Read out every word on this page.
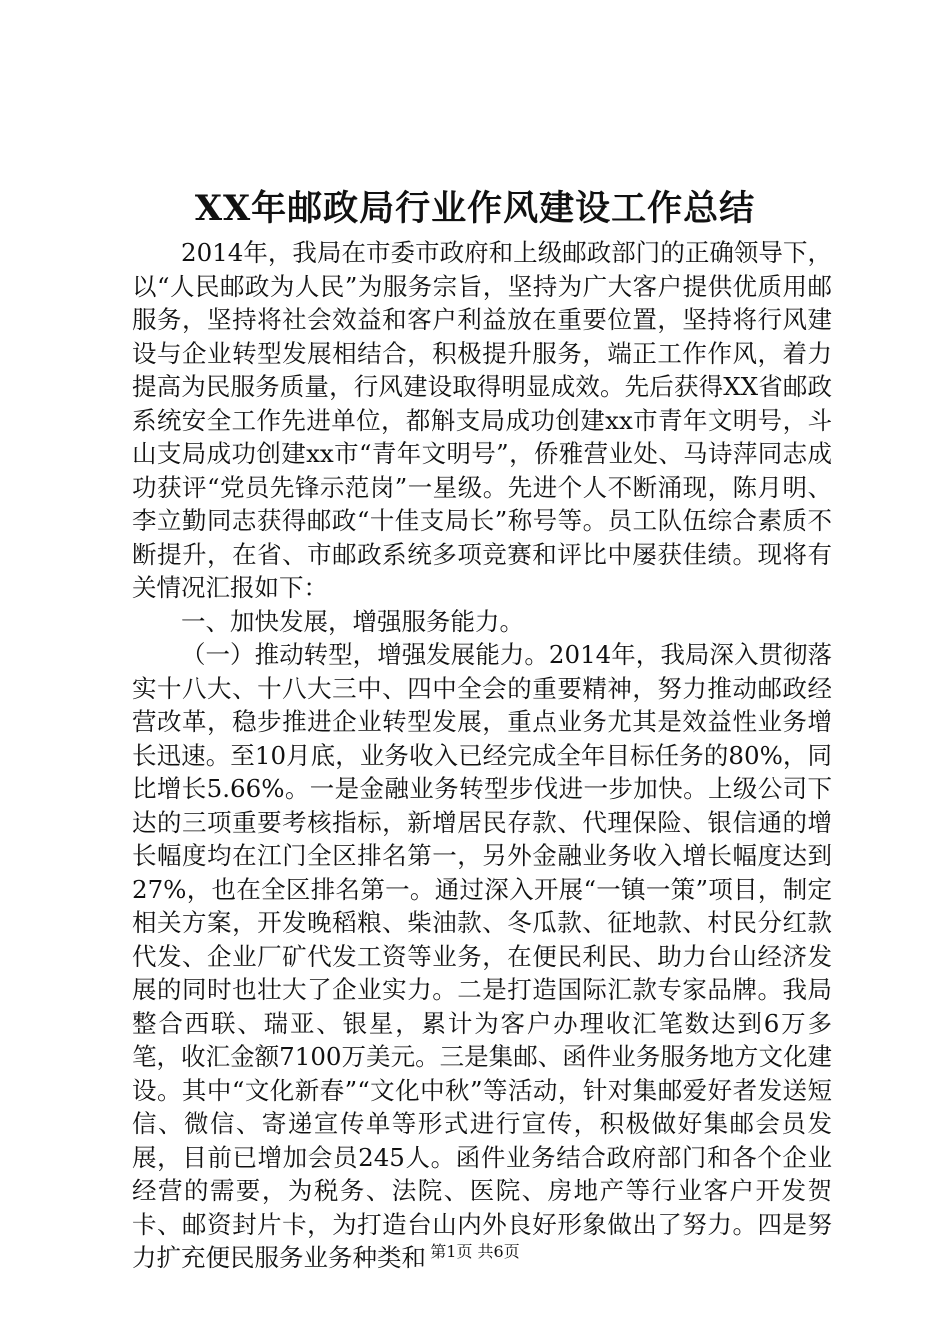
XX年邮政局行业作风建设工作总结

2014年，我局在市委市政府和上级邮政部门的正确领导下，以“人民邮政为人民”为服务宗旨，坚持为广大客户提供优质用邮服务，坚持将社会效益和客户利益放在重要位置，坚持将行风建设与企业转型发展相结合，积极提升服务，端正工作作风，着力提高为民服务质量，行风建设取得明显成效。先后获得XX省邮政系统安全工作先进单位，都斛支局成功创建xx市青年文明号，斗山支局成功创建xx市“青年文明号”，侨雅营业处、马诗萍同志成功获评“党员先锋示范岗”一星级。先进个人不断涌现，陈月明、李立勤同志获得邮政“十佳支局长”称号等。员工队伍综合素质不断提升，在省、市邮政系统多项竞赛和评比中屡获佳绩。现将有关情况汇报如下：

一、加快发展，增强服务能力。

（一）推动转型，增强发展能力。2014年，我局深入贯彻落实十八大、十八大三中、四中全会的重要精神，努力推动邮政经营改革，稳步推进企业转型发展，重点业务尤其是效益性业务增长迅速。至10月底，业务收入已经完成全年目标任务的80%，同比增长5.66%。一是金融业务转型步伐进一步加快。上级公司下达的三项重要考核指标，新增居民存款、代理保险、银信通的增长幅度均在江门全区排名第一，另外金融业务收入增长幅度达到27%，也在全区排名第一。通过深入开展“一镇一策”项目，制定相关方案，开发晚稻粮、柴油款、冬瓜款、征地款、村民分红款代发、企业厂矿代发工资等业务，在便民利民、助力台山经济发展的同时也壮大了企业实力。二是打造国际汇款专家品牌。我局整合西联、瑞亚、银星，累计为客户办理收汇笔数达到6万多笔，收汇金额7100万美元。三是集邮、函件业务服务地方文化建设。其中“文化新春”“文化中秋”等活动，针对集邮爱好者发送短信、微信、寄递宣传单等形式进行宣传，积极做好集邮会员发展，目前已增加会员245人。函件业务结合政府部门和各个企业经营的需要，为税务、法院、医院、房地产等行业客户开发贺卡、邮资封片卡，为打造台山内外良好形象做出了努力。四是努力扩充便民服务业务种类和 第1页 共6页
